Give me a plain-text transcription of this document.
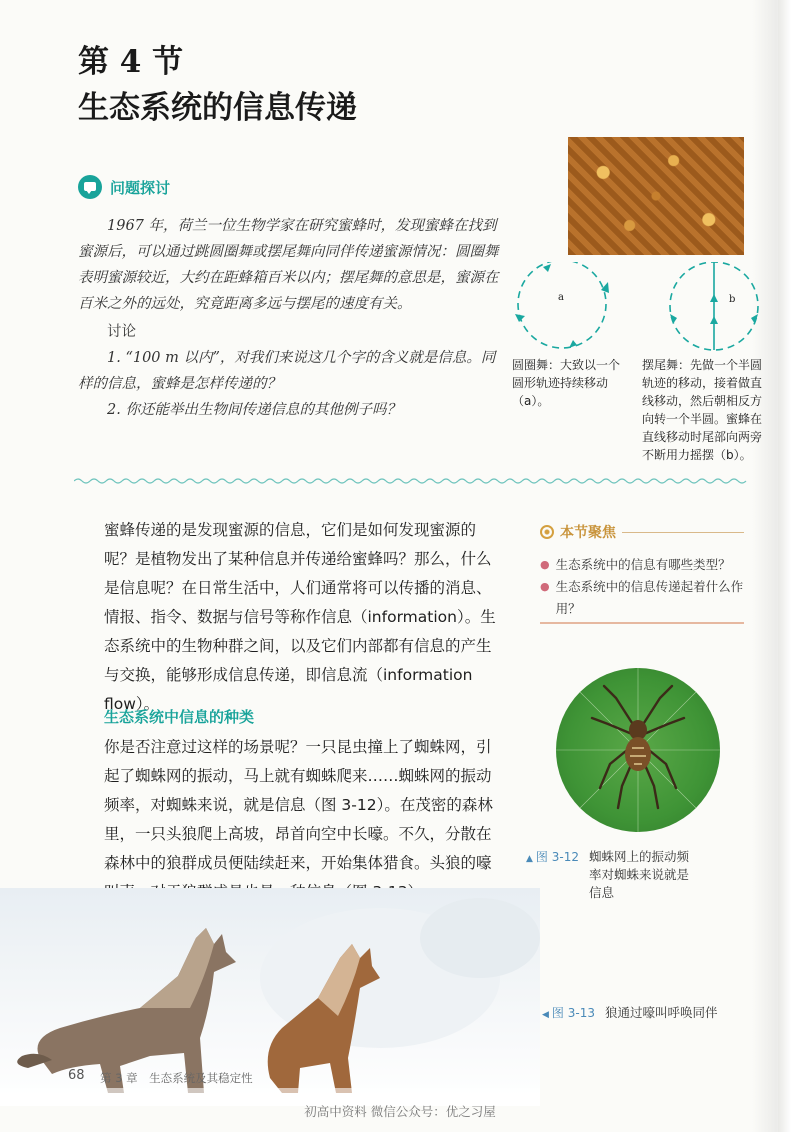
第 4 节
生态系统的信息传递
问题探讨

1967 年，荷兰一位生物学家在研究蜜蜂时，发现蜜蜂在找到蜜源后，可以通过跳圆圈舞或摆尾舞向同伴传递蜜源情况：圆圈舞表明蜜源较近，大约在距蜂箱百米以内；摆尾舞的意思是，蜜源在百米之外的远处，究竟距离多远与摆尾的速度有关。

讨论

1. “100 m 以内”，对我们来说这几个字的含义就是信息。同样的信息，蜜蜂是怎样传递的？

2. 你还能举出生物间传递信息的其他例子吗？

a	b
圆圈舞：大致以一个圆形轨迹持续移动（a）。
摆尾舞：先做一个半圆轨迹的移动，接着做直线移动，然后朝相反方向转一个半圆。蜜蜂在直线移动时尾部向两旁不断用力摇摆（b）。

蜜蜂传递的是发现蜜源的信息，它们是如何发现蜜源的呢？是植物发出了某种信息并传递给蜜蜂吗？那么，什么是信息呢？在日常生活中，人们通常将可以传播的消息、情报、指令、数据与信号等称作信息（information）。生态系统中的生物种群之间，以及它们内部都有信息的产生与交换，能够形成信息传递，即信息流（information flow）。

生态系统中信息的种类

你是否注意过这样的场景呢？一只昆虫撞上了蜘蛛网，引起了蜘蛛网的振动，马上就有蜘蛛爬来……蜘蛛网的振动频率，对蜘蛛来说，就是信息（图 3-12）。在茂密的森林里，一只头狼爬上高坡，昂首向空中长嚎。不久，分散在森林中的狼群成员便陆续赶来，开始集体猎食。头狼的嚎

本节聚焦
● 生态系统中的信息有哪些类型？
● 生态系统中的信息传递起着什么作用？
▲ 图 3-12 蜘蛛网上的振动频率对蜘蛛来说就是信息
◀ 图 3-13 狼通过嚎叫呼唤同伴
68 第 3 章　生态系统及其稳定性
初高中资料 微信公众号：优之习屋
